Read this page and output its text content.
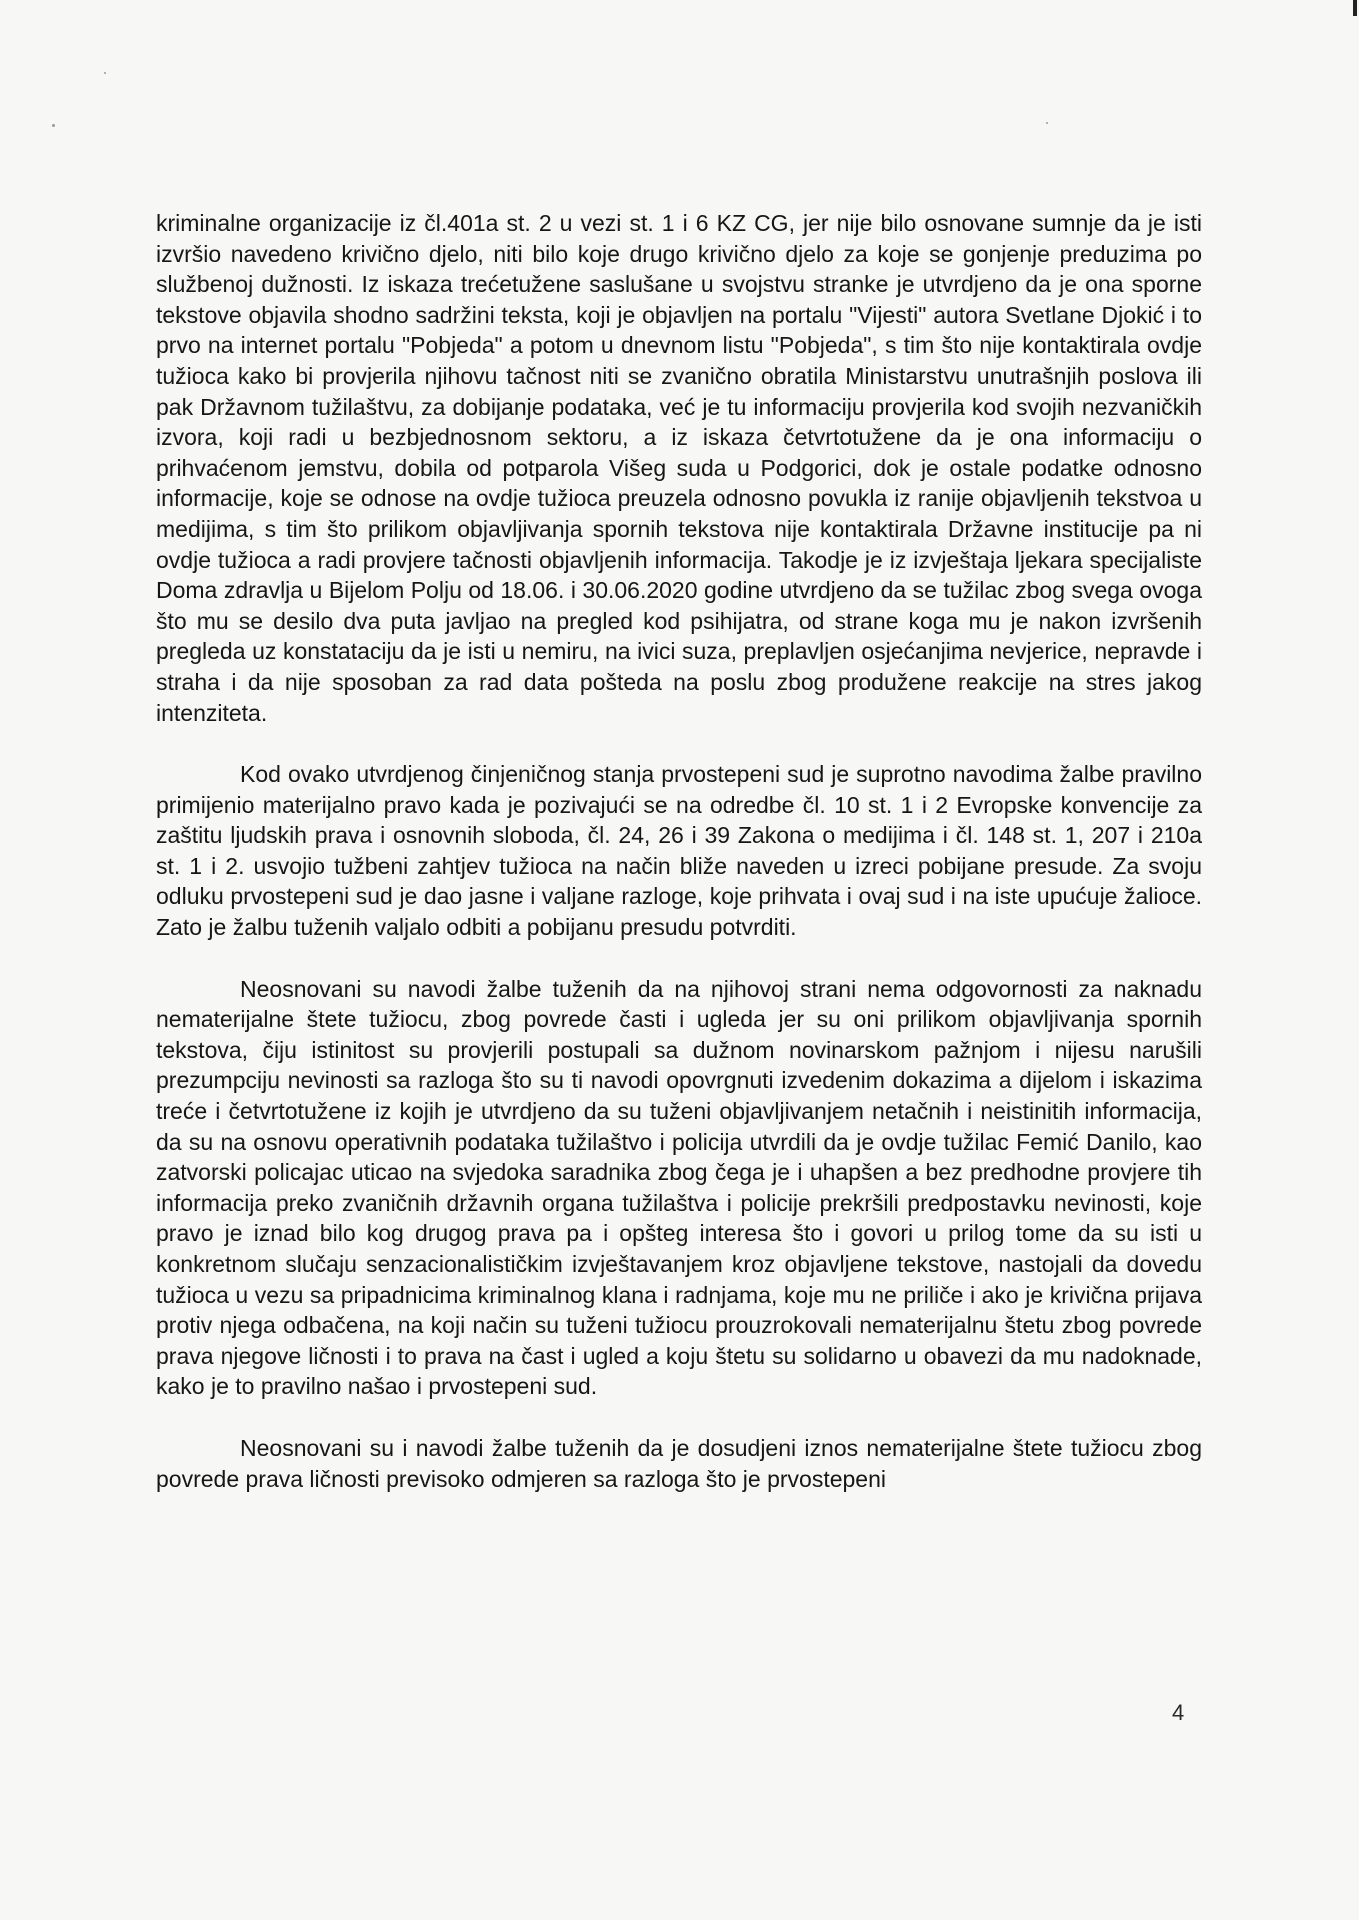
kriminalne organizacije iz čl.401a st. 2 u vezi st. 1 i 6 KZ CG, jer nije bilo osnovane sumnje da je isti izvršio navedeno krivično djelo, niti bilo koje drugo krivično djelo za koje se gonjenje preduzima po službenoj dužnosti. Iz iskaza trećetužene saslušane u svojstvu stranke je utvrdjeno da je ona sporne tekstove objavila shodno sadržini teksta, koji je objavljen na portalu "Vijesti" autora Svetlane Djokić i to prvo na internet portalu "Pobjeda" a potom u dnevnom listu "Pobjeda", s tim što nije kontaktirala ovdje tužioca kako bi provjerila njihovu tačnost niti se zvanično obratila Ministarstvu unutrašnjih poslova ili pak Državnom tužilaštvu, za dobijanje podataka, već je tu informaciju provjerila kod svojih nezvaničkih izvora, koji radi u bezbjednosnom sektoru, a iz iskaza četvrtotužene da je ona informaciju o prihvaćenom jemstvu, dobila od potparola Višeg suda u Podgorici, dok je ostale podatke odnosno informacije, koje se odnose na ovdje tužioca preuzela odnosno povukla iz ranije objavljenih tekstvoa u medijima, s tim što prilikom objavljivanja spornih tekstova nije kontaktirala Državne institucije pa ni ovdje tužioca a radi provjere tačnosti objavljenih informacija. Takodje je iz izvještaja ljekara specijaliste Doma zdravlja u Bijelom Polju od 18.06. i 30.06.2020 godine utvrdjeno da se tužilac zbog svega ovoga što mu se desilo dva puta javljao na pregled kod psihijatra, od strane koga mu je nakon izvršenih pregleda uz konstataciju da je isti u nemiru, na ivici suza, preplavljen osjećanjima nevjerice, nepravde i straha i da nije sposoban za rad data pošteda na poslu zbog produžene reakcije na stres jakog intenziteta.

Kod ovako utvrdjenog činjeničnog stanja prvostepeni sud je suprotno navodima žalbe pravilno primijenio materijalno pravo kada je pozivajući se na odredbe čl. 10 st. 1 i 2 Evropske konvencije za zaštitu ljudskih prava i osnovnih sloboda, čl. 24, 26 i 39 Zakona o medijima i čl. 148 st. 1, 207 i 210a st. 1 i 2. usvojio tužbeni zahtjev tužioca na način bliže naveden u izreci pobijane presude. Za svoju odluku prvostepeni sud je dao jasne i valjane razloge, koje prihvata i ovaj sud i na iste upućuje žalioce. Zato je žalbu tuženih valjalo odbiti a pobijanu presudu potvrditi.

Neosnovani su navodi žalbe tuženih da na njihovoj strani nema odgovornosti za naknadu nematerijalne štete tužiocu, zbog povrede časti i ugleda jer su oni prilikom objavljivanja spornih tekstova, čiju istinitost su provjerili postupali sa dužnom novinarskom pažnjom i nijesu narušili prezumpciju nevinosti sa razloga što su ti navodi opovrgnuti izvedenim dokazima a dijelom i iskazima treće i četvrtotužene iz kojih je utvrdjeno da su tuženi objavljivanjem netačnih i neistinitih informacija, da su na osnovu operativnih podataka tužilaštvo i policija utvrdili da je ovdje tužilac Femić Danilo, kao zatvorski policajac uticao na svjedoka saradnika zbog čega je i uhapšen a bez predhodne provjere tih informacija preko zvaničnih državnih organa tužilaštva i policije prekršili predpostavku nevinosti, koje pravo je iznad bilo kog drugog prava pa i opšteg interesa što i govori u prilog tome da su isti u konkretnom slučaju senzacionalističkim izvještavanjem kroz objavljene tekstove, nastojali da dovedu tužioca u vezu sa pripadnicima kriminalnog klana i radnjama, koje mu ne priliče i ako je krivična prijava protiv njega odbačena, na koji način su tuženi tužiocu prouzrokovali nematerijalnu štetu zbog povrede prava njegove ličnosti i to prava na čast i ugled a koju štetu su solidarno u obavezi da mu nadoknade, kako je to pravilno našao i prvostepeni sud.

Neosnovani su i navodi žalbe tuženih da je dosudjeni iznos nematerijalne štete tužiocu zbog povrede prava ličnosti previsoko odmjeren sa razloga što je prvostepeni

4
